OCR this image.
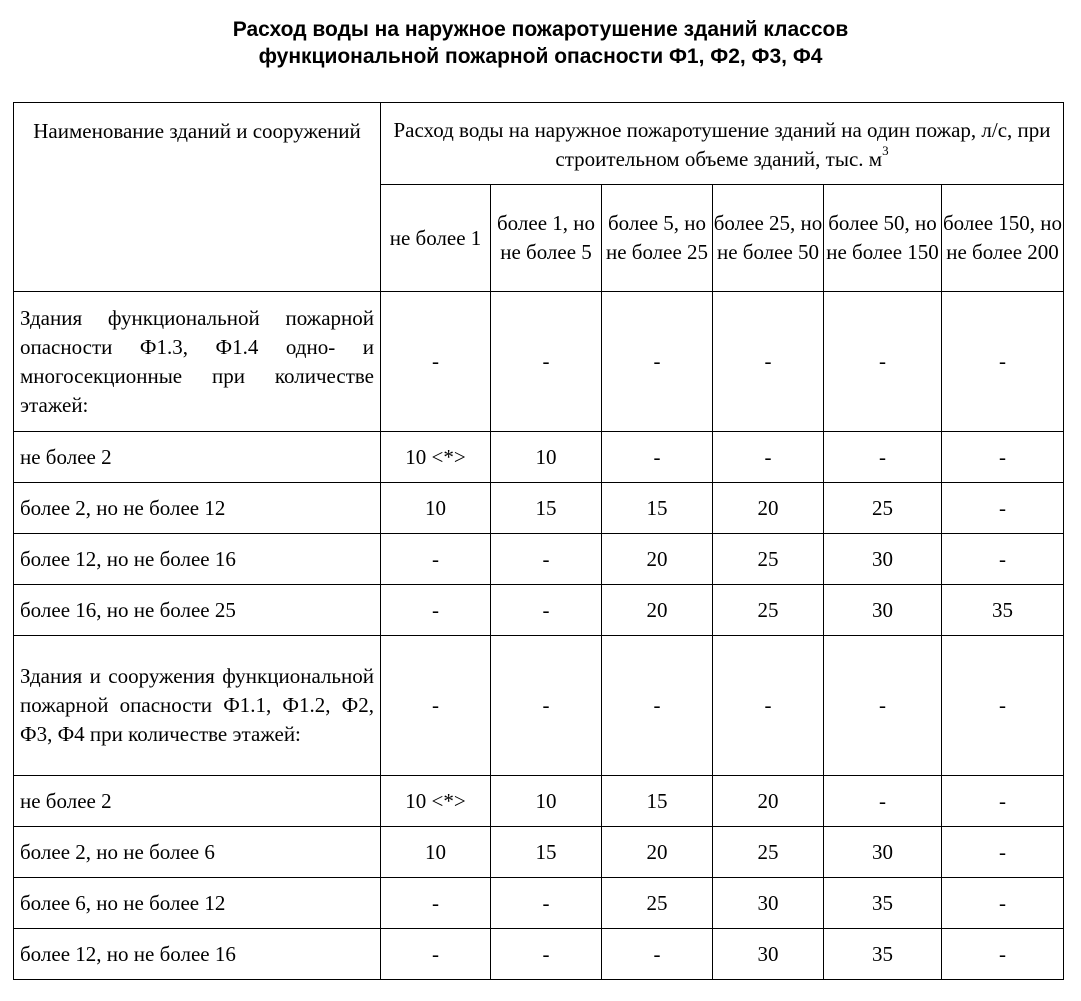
Расход воды на наружное пожаротушение зданий классов
функциональной пожарной опасности Ф1, Ф2, Ф3, Ф4
Наименование зданий и сооружений	Расход воды на наружное пожаротушение зданий на один пожар, л/с, при строительном объеме зданий, тыс. $м^3$
	не более 1	более 1, но не более 5	более 5, но не более 25	более 25, но не более 50	более 50, но не более 150	более 150, но не более 200
Здания функциональной пожарной опасности Ф1.3, Ф1.4 одно- и многосекционные при количестве этажей:	-	-	-	-	-	-
не более 2	10 <*>	10	-	-	-	-
более 2, но не более 12	10	15	15	20	25	-
более 12, но не более 16	-	-	20	25	30	-
более 16, но не более 25	-	-	20	25	30	35
Здания и сооружения функциональной пожарной опасности Ф1.1, Ф1.2, Ф2, Ф3, Ф4 при количестве этажей:	-	-	-	-	-	-
не более 2	10 <*>	10	15	20	-	-
более 2, но не более 6	10	15	20	25	30	-
более 6, но не более 12	-	-	25	30	35	-
более 12, но не более 16	-	-	-	30	35	-
